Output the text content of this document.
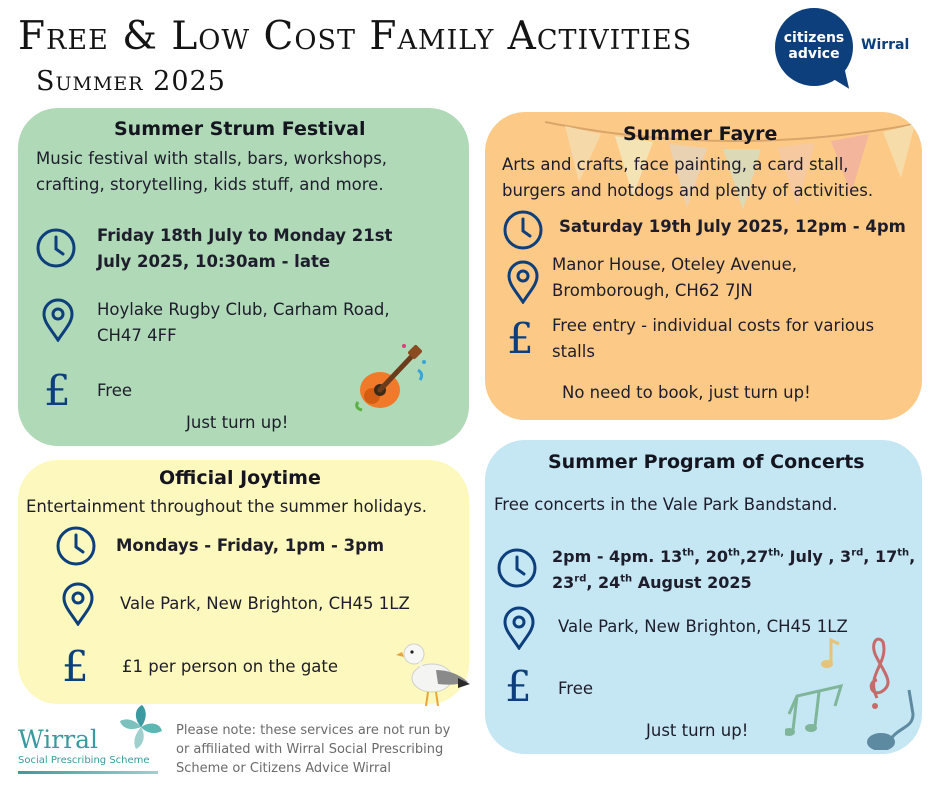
Free & Low Cost Family Activities
Summer 2025
citizens
advice
Wirral
Summer Strum Festival
Music festival with stalls, bars, workshops,
crafting, storytelling, kids stuff, and more.
Friday 18th July to Monday 21st
July 2025, 10:30am - late
Hoylake Rugby Club, Carham Road,
CH47 4FF
£ Free
Just turn up!
Summer Fayre
Arts and crafts, face painting, a card stall,
burgers and hotdogs and plenty of activities.
Saturday 19th July 2025, 12pm - 4pm
Manor House, Oteley Avenue,
Bromborough, CH62 7JN
£ Free entry - individual costs for various
stalls
No need to book, just turn up!
Official Joytime
Entertainment throughout the summer holidays.
Mondays - Friday, 1pm - 3pm
Vale Park, New Brighton, CH45 1LZ
£ £1 per person on the gate
Summer Program of Concerts
Free concerts in the Vale Park Bandstand.
2pm - 4pm. 13th, $20th,27^{th,}$ July , 3rd, 17th,
23rd, 24th August 2025
Vale Park, New Brighton, CH45 1LZ
£ Free
Just turn up!
Wirral
Social Prescribing Scheme
Please note: these services are not run by
or affiliated with Wirral Social Prescribing
Scheme or Citizens Advice Wirral
